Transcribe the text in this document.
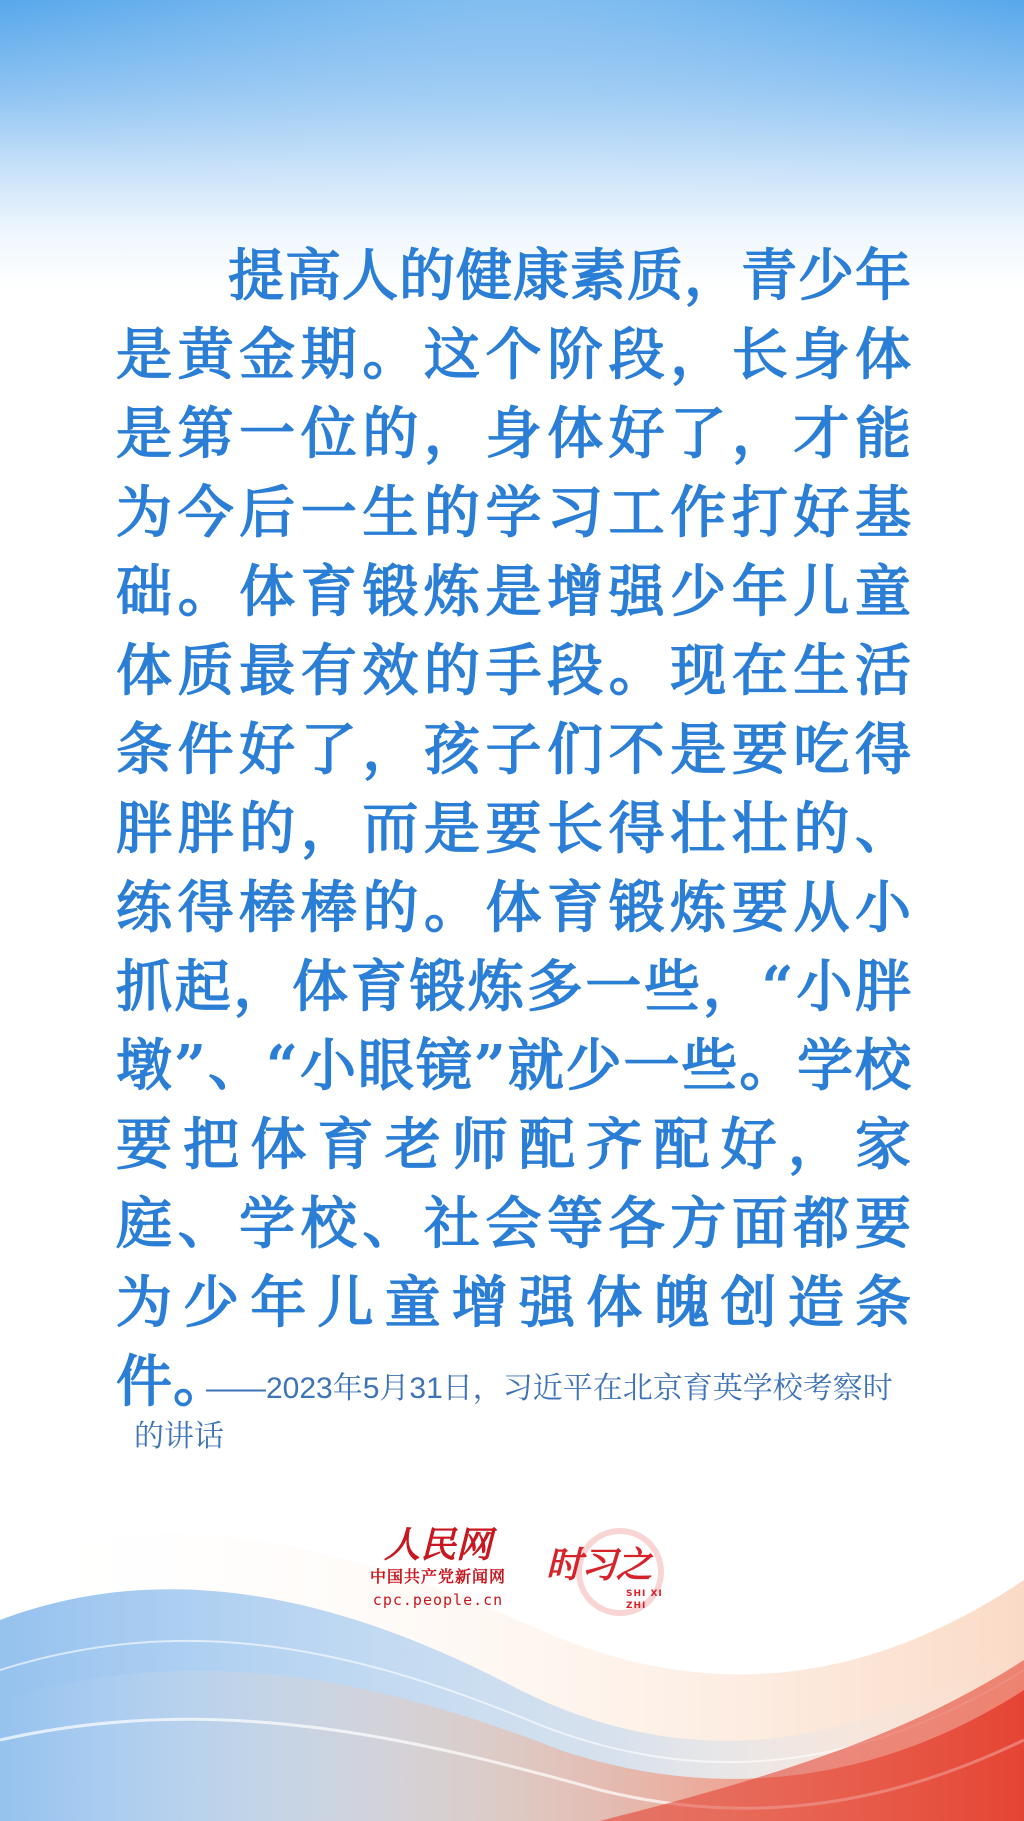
提高人的健康素质，青少年是黄金期。这个阶段，长身体是第一位的，身体好了，才能为今后一生的学习工作打好基础。体育锻炼是增强少年儿童体质最有效的手段。现在生活条件好了，孩子们不是要吃得胖胖的，而是要长得壮壮的、练得棒棒的。体育锻炼要从小抓起，体育锻炼多一些，“小胖墩”、“小眼镜”就少一些。学校要把体育老师配齐配好，家庭、学校、社会等各方面都要为少年儿童增强体魄创造条件。

——2023年5月31日，习近平在北京育英学校考察时的讲话

人民网
中国共产党新闻网
cpc.people.cn
时习之
SHI XI ZHI
